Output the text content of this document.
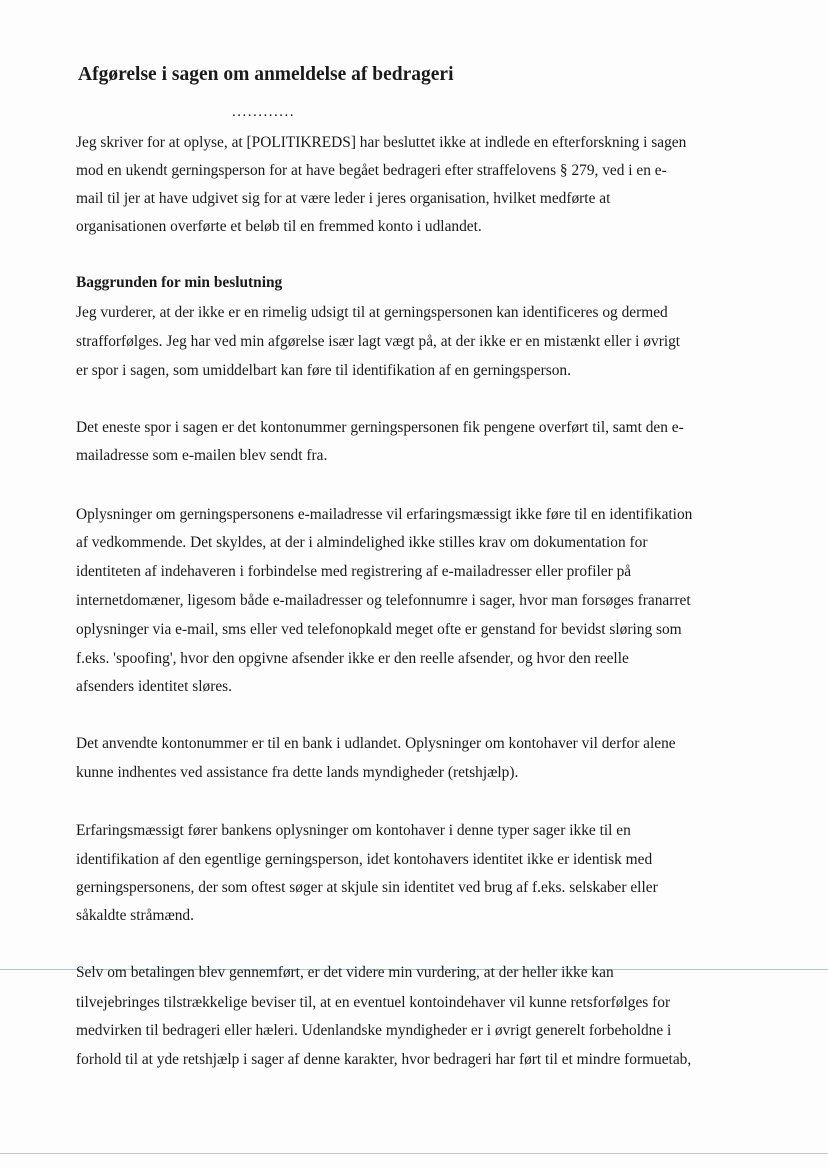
Afgørelse i sagen om anmeldelse af bedrageri
............
Jeg skriver for at oplyse, at [POLITIKREDS] har besluttet ikke at indlede en efterforskning i sagen
mod en ukendt gerningsperson for at have begået bedrageri efter straffelovens § 279, ved i en e-
mail til jer at have udgivet sig for at være leder i jeres organisation, hvilket medførte at
organisationen overførte et beløb til en fremmed konto i udlandet.
Baggrunden for min beslutning
Jeg vurderer, at der ikke er en rimelig udsigt til at gerningspersonen kan identificeres og dermed
strafforfølges. Jeg har ved min afgørelse især lagt vægt på, at der ikke er en mistænkt eller i øvrigt
er spor i sagen, som umiddelbart kan føre til identifikation af en gerningsperson.
Det eneste spor i sagen er det kontonummer gerningspersonen fik pengene overført til, samt den e-
mailadresse som e-mailen blev sendt fra.
Oplysninger om gerningspersonens e-mailadresse vil erfaringsmæssigt ikke føre til en identifikation
af vedkommende. Det skyldes, at der i almindelighed ikke stilles krav om dokumentation for
identiteten af indehaveren i forbindelse med registrering af e-mailadresser eller profiler på
internetdomæner, ligesom både e-mailadresser og telefonnumre i sager, hvor man forsøges franarret
oplysninger via e-mail, sms eller ved telefonopkald meget ofte er genstand for bevidst sløring som
f.eks. 'spoofing', hvor den opgivne afsender ikke er den reelle afsender, og hvor den reelle
afsenders identitet sløres.
Det anvendte kontonummer er til en bank i udlandet. Oplysninger om kontohaver vil derfor alene
kunne indhentes ved assistance fra dette lands myndigheder (retshjælp).
Erfaringsmæssigt fører bankens oplysninger om kontohaver i denne typer sager ikke til en
identifikation af den egentlige gerningsperson, idet kontohavers identitet ikke er identisk med
gerningspersonens, der som oftest søger at skjule sin identitet ved brug af f.eks. selskaber eller
såkaldte stråmænd.
Selv om betalingen blev gennemført, er det videre min vurdering, at der heller ikke kan
tilvejebringes tilstrækkelige beviser til, at en eventuel kontoindehaver vil kunne retsforfølges for
medvirken til bedrageri eller hæleri. Udenlandske myndigheder er i øvrigt generelt forbeholdne i
forhold til at yde retshjælp i sager af denne karakter, hvor bedrageri har ført til et mindre formuetab,
